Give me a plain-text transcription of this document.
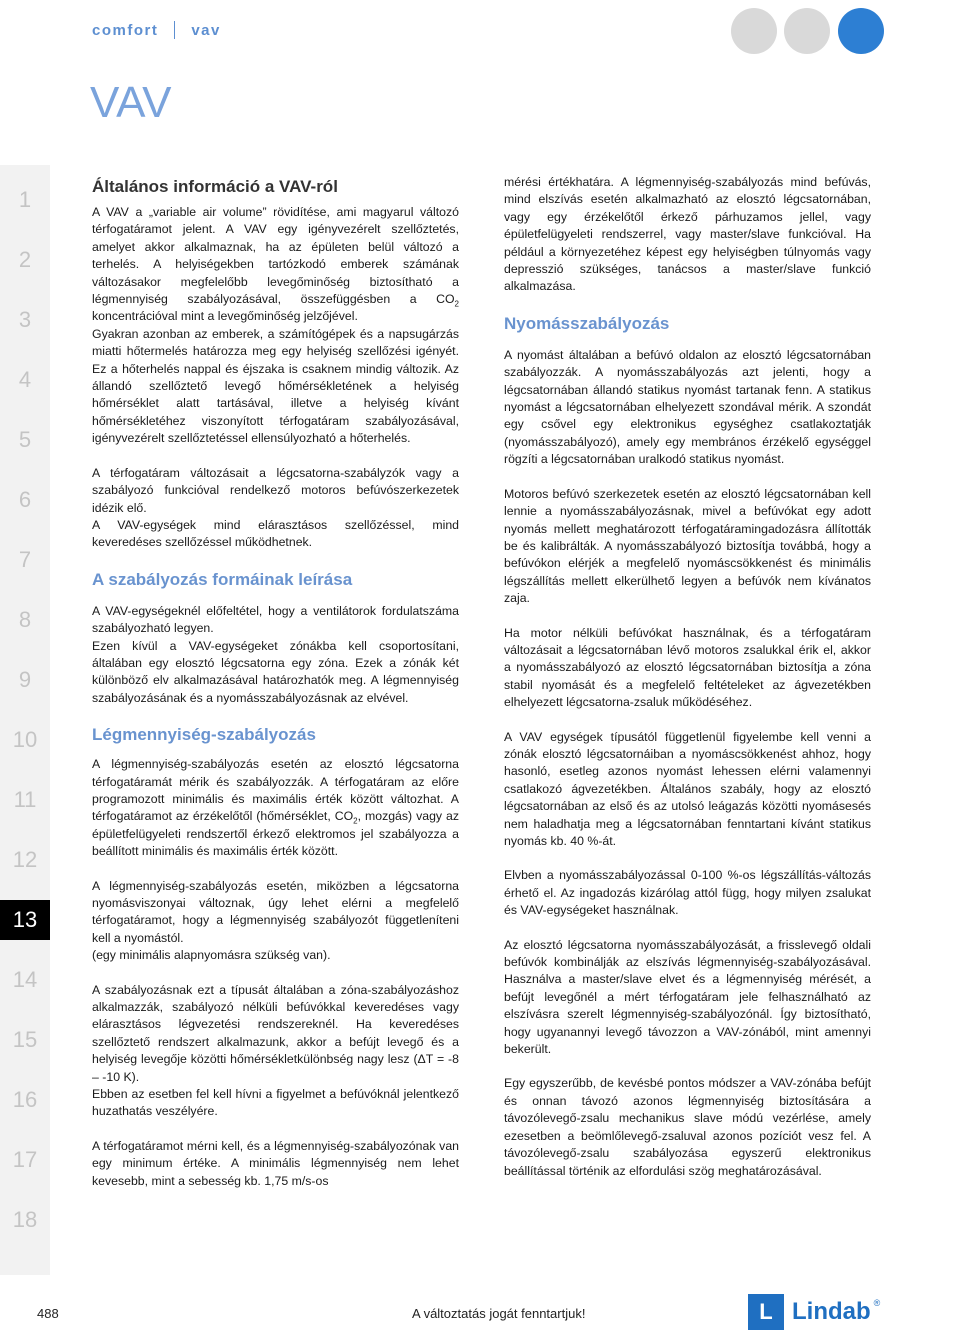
comfort vav
VAV
1
2
3
4
5
6
7
8
9
10
11
12
13
14
15
16
17
18
Általános információ a VAV-ról

A VAV a „variable air volume” rövidítése, ami magyarul változó térfogatáramot jelent. A VAV egy igényvezérelt szellőztetés, amelyet akkor alkalmaznak, ha az épületen belül változó a terhelés. A helyiségekben tartózkodó emberek számának változásakor megfelelőbb levegőminőség biztosítható a légmennyiség szabályozásával, összefüggésben a $CO_2$ koncentrációval mint a levegőminőség jelzőjével.

Gyakran azonban az emberek, a számítógépek és a napsugárzás miatti hőtermelés határozza meg egy helyiség szellőzési igényét. Ez a hőterhelés nappal és éjszaka is csaknem mindig változik. Az állandó szellőztető levegő hőmérsékletének a helyiség hőmérséklet alatt tartásával, illetve a helyiség kívánt hőmérsékletéhez viszonyított térfogatáram szabályozásával, igényvezérelt szellőztetéssel ellensúlyozható a hőterhelés.

A térfogatáram változásait a légcsatorna-szabályzók vagy a szabályozó funkcióval rendelkező motoros befúvószerkezetek idézik elő.

A VAV-egységek mind elárasztásos szellőzéssel, mind keveredéses szellőzéssel működhetnek.

A szabályozás formáinak leírása

A VAV-egységeknél előfeltétel, hogy a ventilátorok fordulatszáma szabályozható legyen.

Ezen kívül a VAV-egységeket zónákba kell csoportosítani, általában egy elosztó légcsatorna egy zóna. Ezek a zónák két különböző elv alkalmazásával határozhatók meg. A légmennyiség szabályozásának és a nyomásszabályozásnak az elvével.

Légmennyiség-szabályozás

A légmennyiség-szabályozás esetén az elosztó légcsatorna térfogatáramát mérik és szabályozzák. A térfogatáram az előre programozott minimális és maximális érték között változhat. A térfogatáramot az érzékelőtől (hőmérséklet, $CO_2$, mozgás) vagy az épületfelügyeleti rendszertől érkező elektromos jel szabályozza a beállított minimális és maximális érték között.

A légmennyiség-szabályozás esetén, miközben a légcsatorna nyomásviszonyai változnak, úgy lehet elérni a megfelelő térfogatáramot, hogy a légmennyiség szabályozót függetleníteni kell a nyomástól.

(egy minimális alapnyomásra szükség van).

A szabályozásnak ezt a típusát általában a zóna-szabályozáshoz alkalmazzák, szabályozó nélküli befúvókkal keveredéses vagy elárasztásos légvezetési rendszereknél. Ha keveredéses szellőztető rendszert alkalmazunk, akkor a befújt levegő és a helyiség levegője közötti hőmérsékletkülönbség nagy lesz (ΔT = -8 – -10 K).

Ebben az esetben fel kell hívni a figyelmet a befúvóknál jelentkező huzathatás veszélyére.

A térfogatáramot mérni kell, és a légmennyiség-szabályozónak van egy minimum értéke. A minimális légmennyiség nem lehet kevesebb, mint a sebesség kb. 1,75 m/s-os

mérési értékhatára. A légmennyiség-szabályozás mind befúvás, mind elszívás esetén alkalmazható az elosztó légcsatornában, vagy egy érzékelőtől érkező párhuzamos jellel, vagy épületfelügyeleti rendszerrel, vagy master/slave funkcióval. Ha például a környezetéhez képest egy helyiségben túlnyomás vagy depresszió szükséges, tanácsos a master/slave funkció alkalmazása.

Nyomásszabályozás

A nyomást általában a befúvó oldalon az elosztó légcsatornában szabályozzák. A nyomásszabályozás azt jelenti, hogy a légcsatornában állandó statikus nyomást tartanak fenn. A statikus nyomást a légcsatornában elhelyezett szondával mérik. A szondát egy csővel egy elektronikus egységhez csatlakoztatják (nyomásszabályozó), amely egy membrános érzékelő egységgel rögzíti a légcsatornában uralkodó statikus nyomást.

Motoros befúvó szerkezetek esetén az elosztó légcsatornában kell lennie a nyomásszabályozásnak, mivel a befúvókat egy adott nyomás mellett meghatározott térfogatáramingadozásra állították be és kalibrálták. A nyomásszabályozó biztosítja továbbá, hogy a befúvókon elérjék a megfelelő nyomáscsökkenést és minimális légszállítás mellett elkerülhető legyen a befúvók nem kívánatos zaja.

Ha motor nélküli befúvókat használnak, és a térfogatáram változásait a légcsatornában lévő motoros zsalukkal érik el, akkor a nyomásszabályozó az elosztó légcsatornában biztosítja a zóna stabil nyomását és a megfelelő feltételeket az ágvezetékben elhelyezett légcsatorna-zsaluk működéséhez.

A VAV egységek típusától függetlenül figyelembe kell venni a zónák elosztó légcsatornáiban a nyomáscsökkenést ahhoz, hogy hasonló, esetleg azonos nyomást lehessen elérni valamennyi csatlakozó ágvezetékben. Általános szabály, hogy az elosztó légcsatornában az első és az utolsó leágazás közötti nyomásesés nem haladhatja meg a légcsatornában fenntartani kívánt statikus nyomás kb. 40 %-át.

Elvben a nyomásszabályozással 0-100 %-os légszállítás-változás érhető el. Az ingadozás kizárólag attól függ, hogy milyen zsalukat és VAV-egységeket használnak.

Az elosztó légcsatorna nyomásszabályozását, a frisslevegő oldali befúvók kombinálják az elszívás légmennyiség-szabályozásával. Használva a master/slave elvet és a légmennyiség mérését, a befújt levegőnél a mért térfogatáram jele felhasználható az elszívásra szerelt légmennyiség-szabályozónál. Így biztosítható, hogy ugyanannyi levegő távozzon a VAV-zónából, mint amennyi bekerült.

Egy egyszerűbb, de kevésbé pontos módszer a VAV-zónába befújt és onnan távozó azonos légmennyiség biztosítására a távozólevegő-zsalu mechanikus slave módú vezérlése, amely ezesetben a beömlőlevegő-zsaluval azonos pozíciót vesz fel. A távozólevegő-zsalu szabályozása egyszerű elektronikus beállítással történik az elfordulási szög meghatározásával.

488	A változtatás jogát fenntartjuk!	L Lindab ®
